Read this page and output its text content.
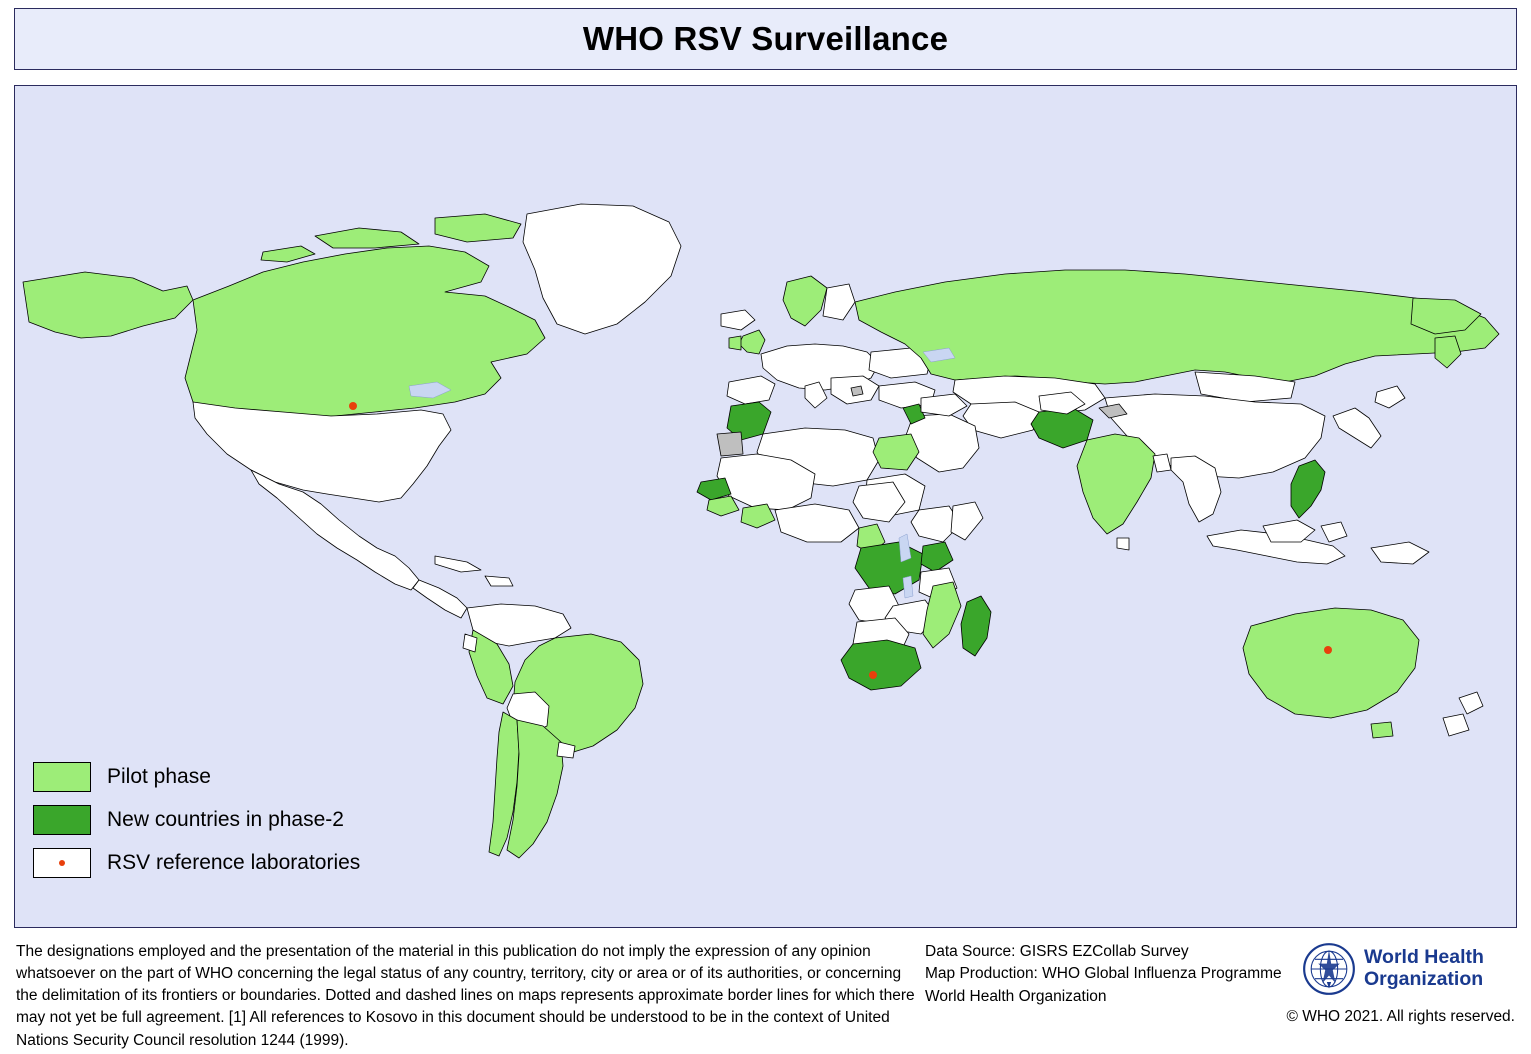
WHO RSV Surveillance
Pilot phase
New countries in phase-2
RSV reference laboratories
The designations employed and the presentation of the material in this publication do not imply the expression of any opinion whatsoever on the part of WHO concerning the legal status of any country, territory, city or area or of its authorities, or concerning the delimitation of its frontiers or boundaries. Dotted and dashed lines on maps represents approximate border lines for which there may not yet be full agreement. [1] All references to Kosovo in this document should be understood to be in the context of United Nations Security Council resolution 1244 (1999).
Data Source: GISRS EZCollab Survey
Map Production: WHO Global Influenza Programme
World Health Organization
World Health
Organization
© WHO 2021. All rights reserved.
